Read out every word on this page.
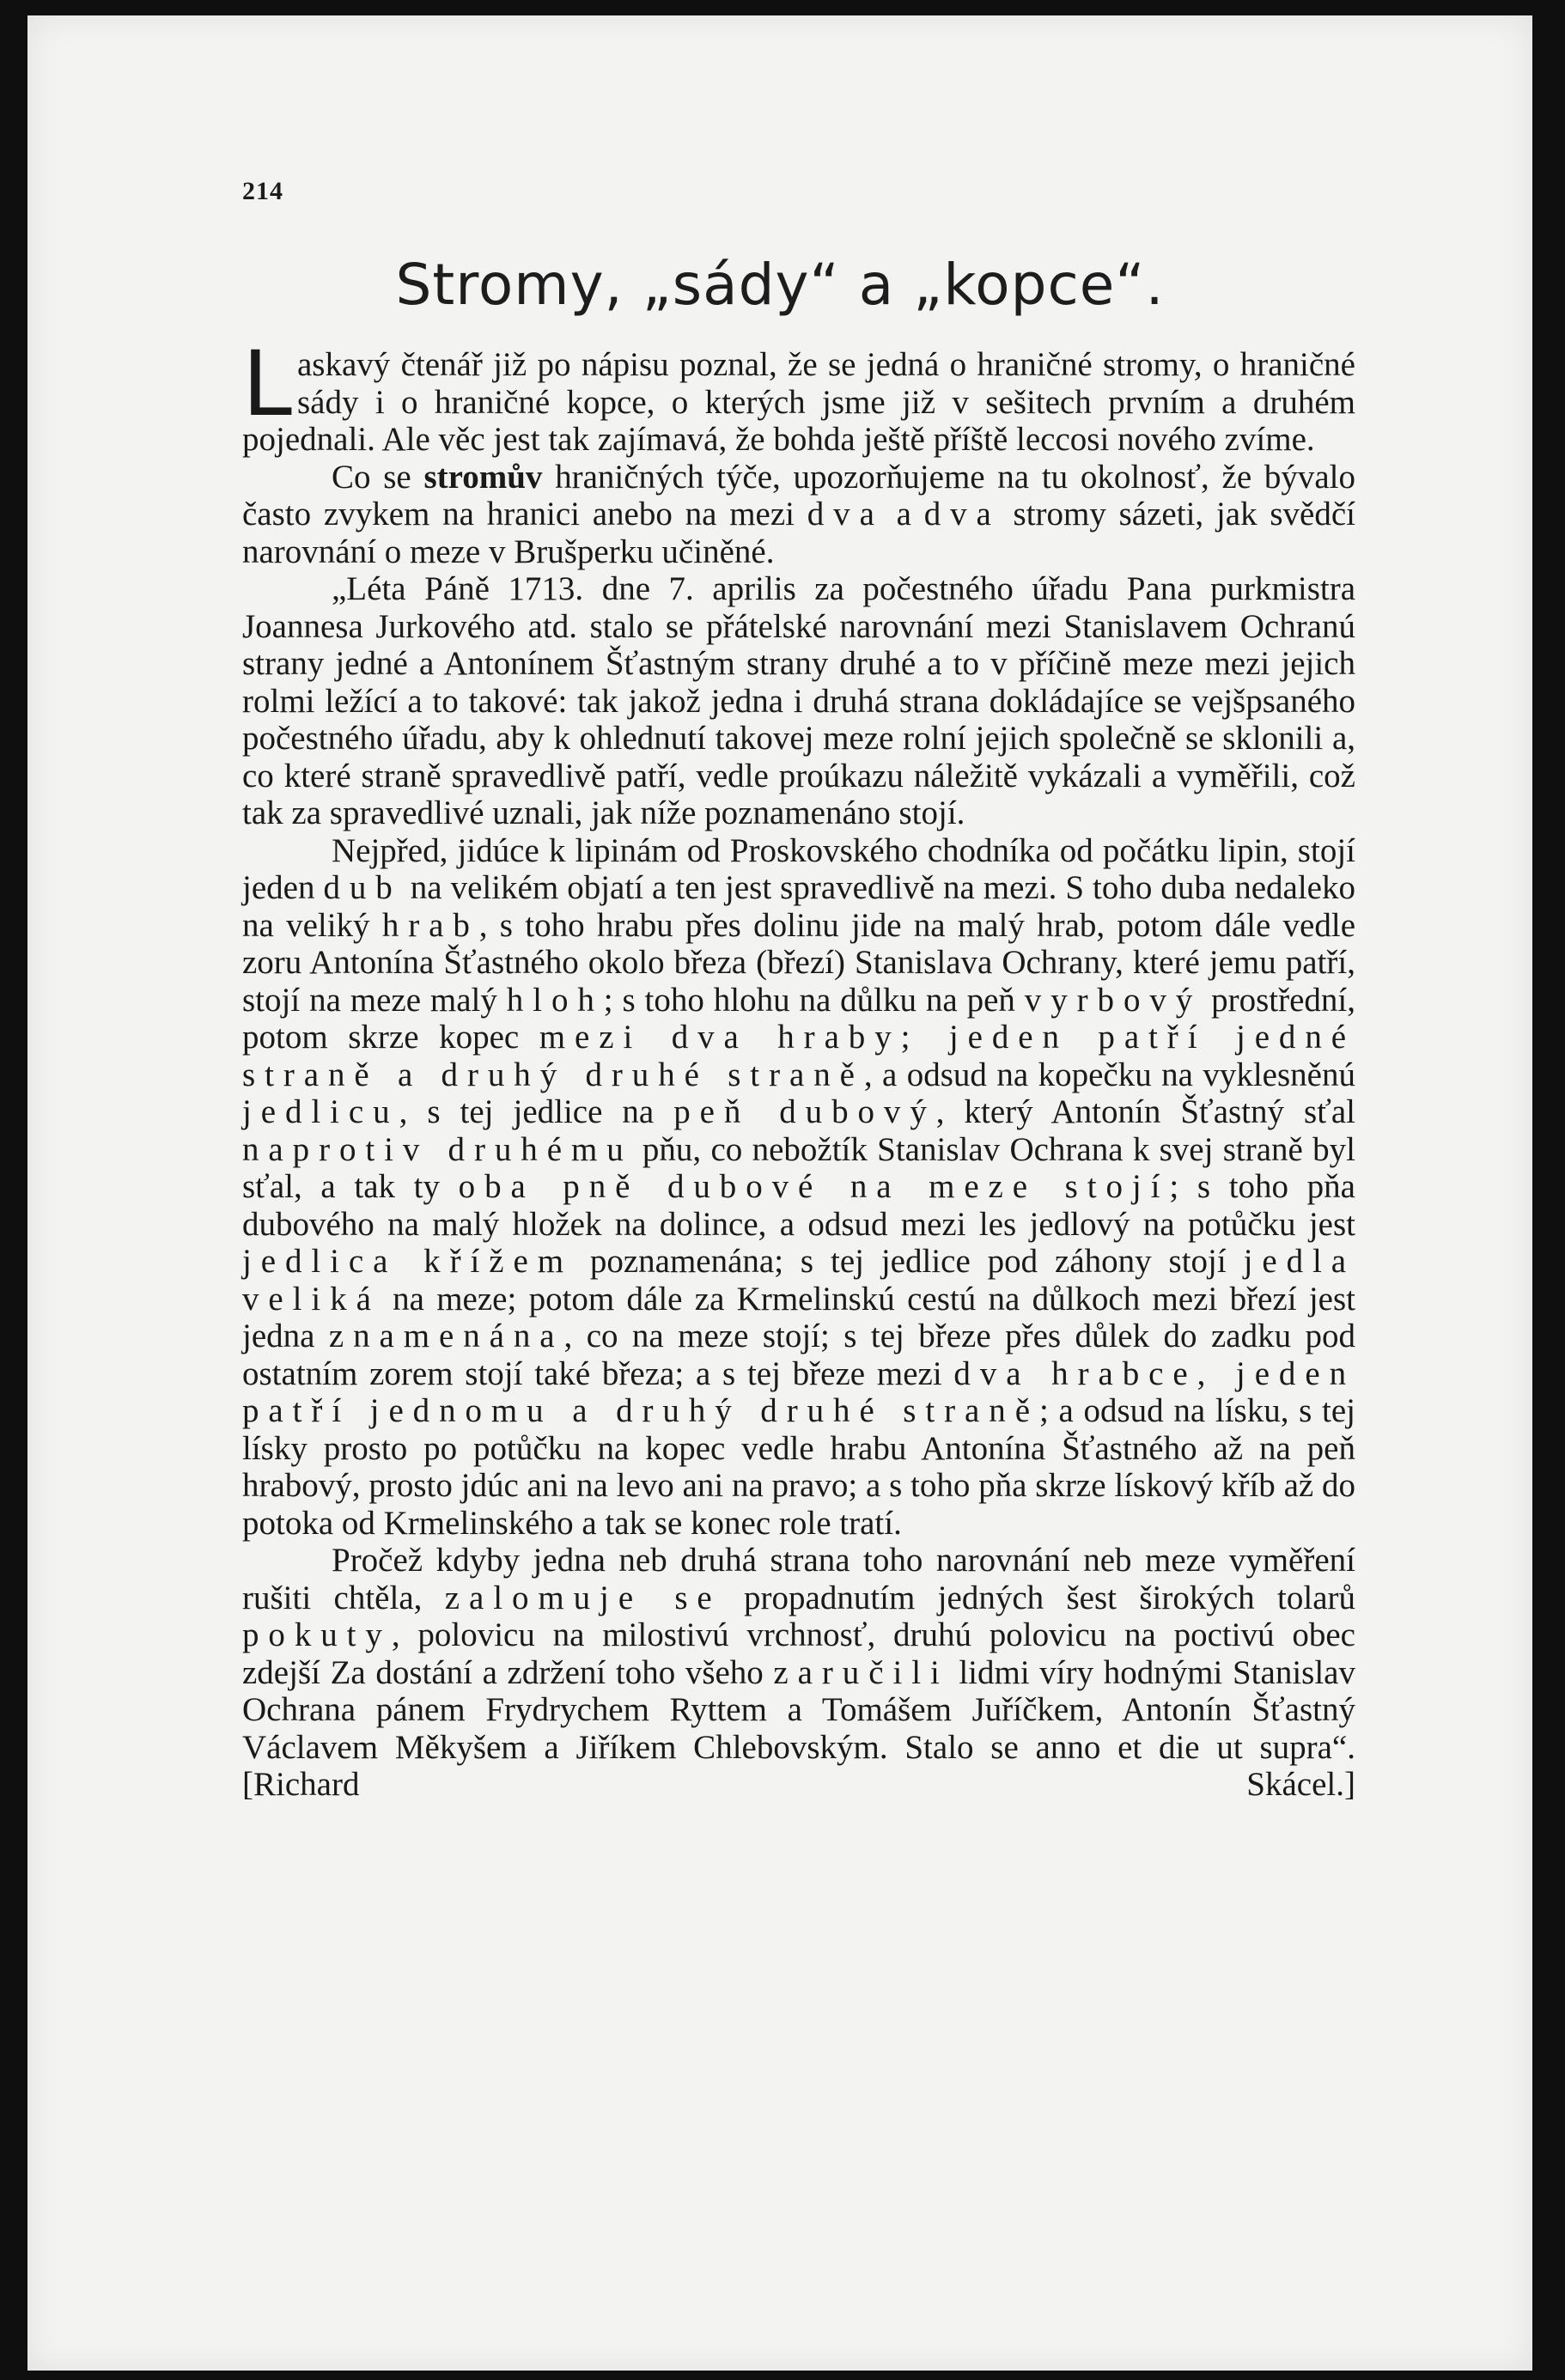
214
Stromy, „sády“ a „kopce“.

Laskavý čtenář již po nápisu poznal, že se jedná o hraničné stromy, o hraničné sády i o hraničné kopce, o kterých jsme již v sešitech prvním a druhém pojednali. Ale věc jest tak zajímavá, že bohda ještě příště leccosi nového zvíme.

Co se stromův hraničných týče, upozorňujeme na tu okolnosť, že bývalo často zvykem na hranici anebo na mezi dva a dva stromy sázeti, jak svědčí narovnání o meze v Brušperku učiněné.

„Léta Páně 1713. dne 7. aprilis za počestného úřadu Pana purkmistra Joannesa Jurkového atd. stalo se přátelské narovnání mezi Stanislavem Ochranú strany jedné a Antonínem Šťastným strany druhé a to v příčině meze mezi jejich rolmi ležící a to takové: tak jakož jedna i druhá strana dokládajíce se vejšpsaného počestného úřadu, aby k ohlednutí takovej meze rolní jejich společně se sklonili a, co které straně spravedlivě patří, vedle proúkazu náležitě vykázali a vyměřili, což tak za spravedlivé uznali, jak níže poznamenáno stojí.

Nejpřed, jidúce k lipinám od Proskovského chodníka od počátku lipin, stojí jeden dub na velikém objatí a ten jest spravedlivě na mezi. S toho duba nedaleko na veliký hrab, s toho hrabu přes dolinu jide na malý hrab, potom dále vedle zoru Antonína Šťastného okolo březa (březí) Stanislava Ochrany, které jemu patří, stojí na meze malý hloh; s toho hlohu na důlku na peň vyrbový prostřední, potom skrze kopec mezi dva hraby; jeden patří jedné straně a druhý druhé straně, a odsud na kopečku na vyklesněnú jedlicu, s tej jedlice na peň dubový, který Antonín Šťastný sťal naprotiv druhému pňu, co nebožtík Stanislav Ochrana k svej straně byl sťal, a tak ty oba pně dubové na meze stojí; s toho pňa dubového na malý hložek na dolince, a odsud mezi les jedlový na potůčku jest jedlica křížem poznamenána; s tej jedlice pod záhony stojí jedla veliká na meze; potom dále za Krmelinskú cestú na důlkoch mezi březí jest jedna znamenána, co na meze stojí; s tej březe přes důlek do zadku pod ostatním zorem stojí také březa; a s tej březe mezi dva hrabce, jeden patří jednomu a druhý druhé straně; a odsud na lísku, s tej lísky prosto po potůčku na kopec vedle hrabu Antonína Šťastného až na peň hrabový, prosto jdúc ani na levo ani na pravo; a s toho pňa skrze lískový kříb až do potoka od Krmelinského a tak se konec role tratí.

Pročež kdyby jedna neb druhá strana toho narovnání neb meze vyměření rušiti chtěla, zalomuje se propadnutím jedných šest širokých tolarů pokuty, polovicu na milostivú vrchnosť, druhú polovicu na poctivú obec zdejší Za dostání a zdržení toho všeho zaručili lidmi víry hodnými Stanislav Ochrana pánem Frydrychem Ryttem a Tomášem Juříčkem, Antonín Šťastný Václavem Měkyšem a Jiříkem Chlebovským. Stalo se anno et die ut supra“. [Richard Skácel.]
